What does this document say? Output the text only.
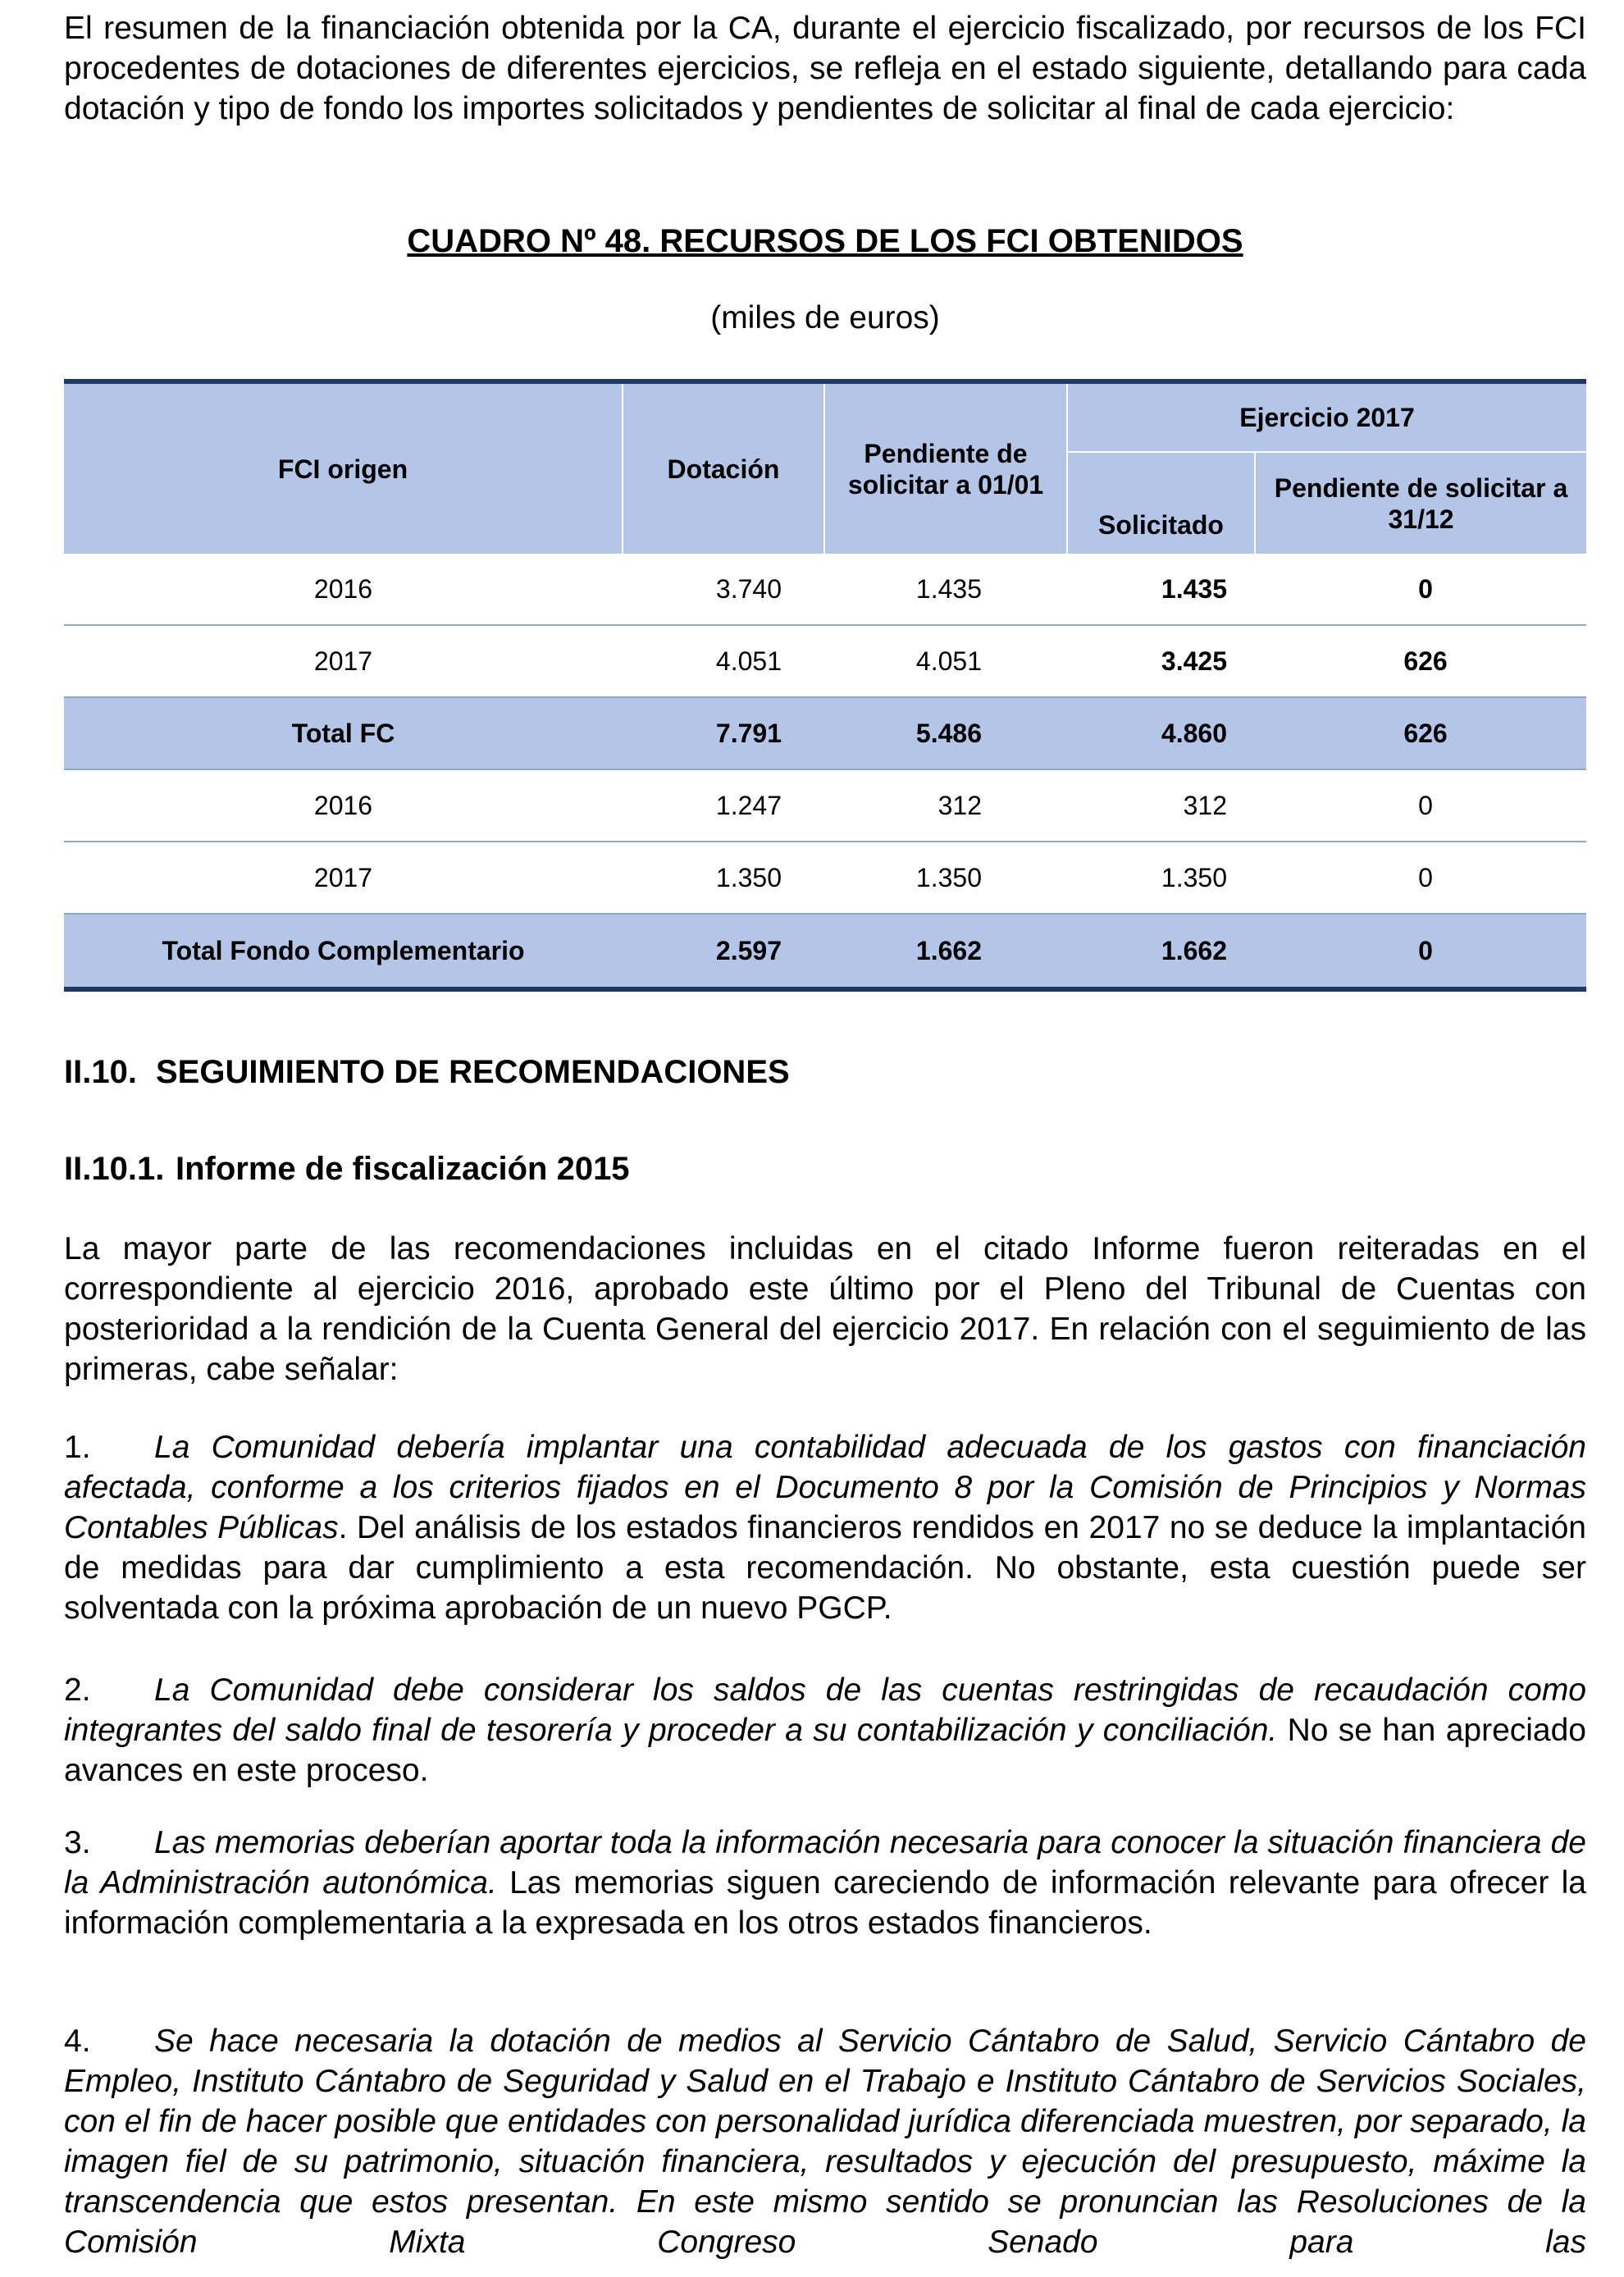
El resumen de la financiación obtenida por la CA, durante el ejercicio fiscalizado, por recursos de los FCI procedentes de dotaciones de diferentes ejercicios, se refleja en el estado siguiente, detallando para cada dotación y tipo de fondo los importes solicitados y pendientes de solicitar al final de cada ejercicio:

CUADRO Nº 48. RECURSOS DE LOS FCI OBTENIDOS

(miles de euros)

FCI origen	Dotación	Pendiente de solicitar a 01/01	Ejercicio 2017	
			Solicitado	Pendiente de solicitar a 31/12
2016	3.740	1.435	1.435	0
2017	4.051	4.051	3.425	626
Total FC	7.791	5.486	4.860	626
2016	1.247	312	312	0
2017	1.350	1.350	1.350	0
Total Fondo Complementario	2.597	1.662	1.662	0

II.10. SEGUIMIENTO DE RECOMENDACIONES

II.10.1. Informe de fiscalización 2015

La mayor parte de las recomendaciones incluidas en el citado Informe fueron reiteradas en el correspondiente al ejercicio 2016, aprobado este último por el Pleno del Tribunal de Cuentas con posterioridad a la rendición de la Cuenta General del ejercicio 2017. En relación con el seguimiento de las primeras, cabe señalar:

1. La Comunidad debería implantar una contabilidad adecuada de los gastos con financiación afectada, conforme a los criterios fijados en el Documento 8 por la Comisión de Principios y Normas Contables Públicas. Del análisis de los estados financieros rendidos en 2017 no se deduce la implantación de medidas para dar cumplimiento a esta recomendación. No obstante, esta cuestión puede ser solventada con la próxima aprobación de un nuevo PGCP.

2. La Comunidad debe considerar los saldos de las cuentas restringidas de recaudación como integrantes del saldo final de tesorería y proceder a su contabilización y conciliación. No se han apreciado avances en este proceso.

3. Las memorias deberían aportar toda la información necesaria para conocer la situación financiera de la Administración autonómica. Las memorias siguen careciendo de información relevante para ofrecer la información complementaria a la expresada en los otros estados financieros.

4. Se hace necesaria la dotación de medios al Servicio Cántabro de Salud, Servicio Cántabro de Empleo, Instituto Cántabro de Seguridad y Salud en el Trabajo e Instituto Cántabro de Servicios Sociales, con el fin de hacer posible que entidades con personalidad jurídica diferenciada muestren, por separado, la imagen fiel de su patrimonio, situación financiera, resultados y ejecución del presupuesto, máxime la transcendencia que estos presentan. En este mismo sentido se pronuncian las Resoluciones de la Comisión Mixta Congreso Senado para las
